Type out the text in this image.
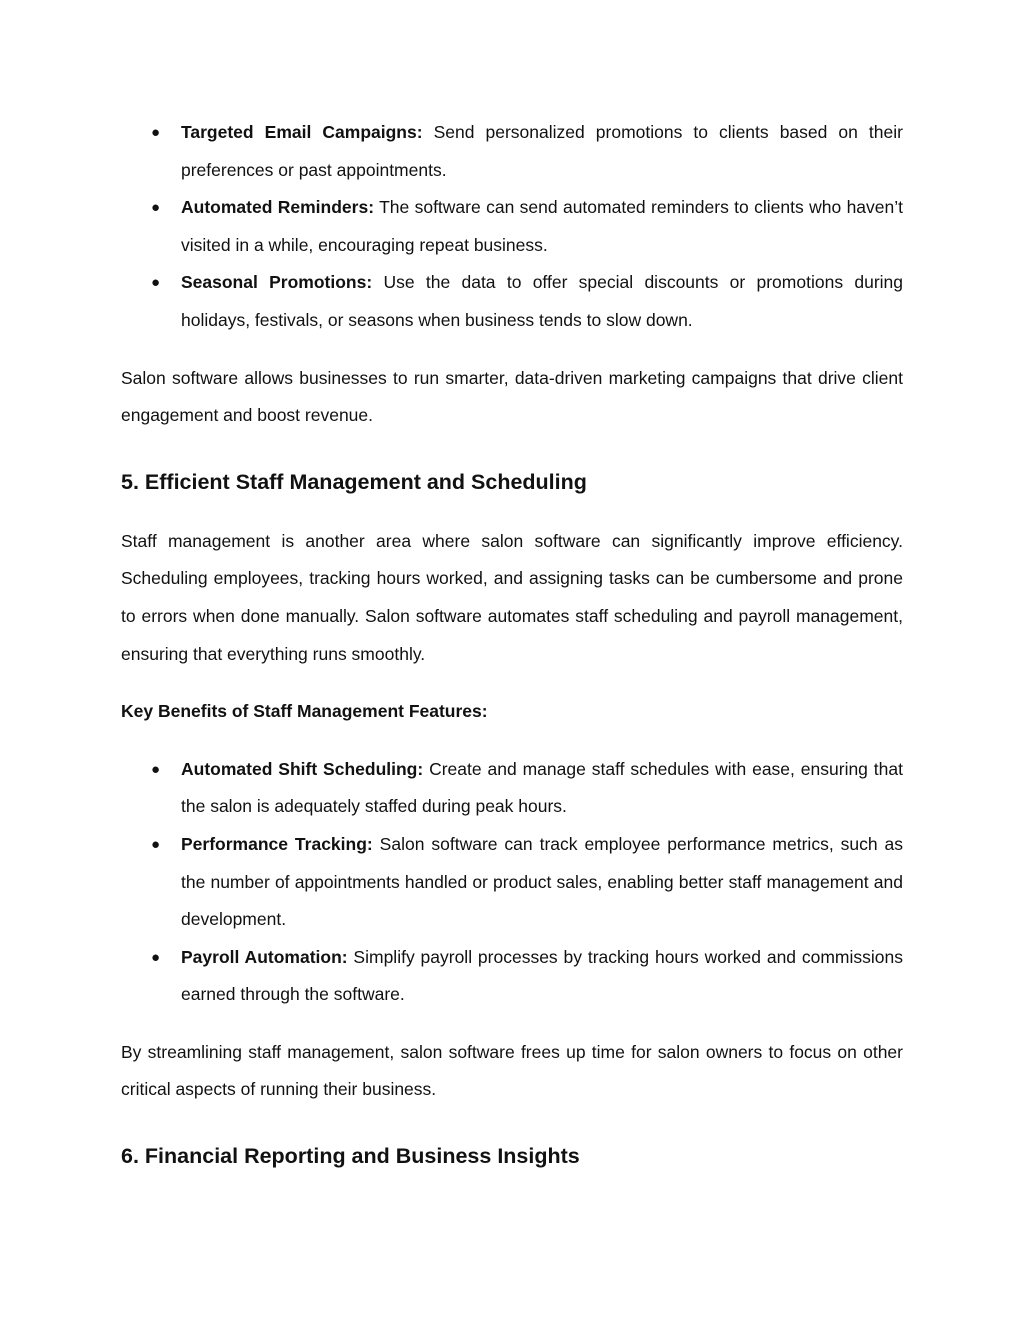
● Targeted Email Campaigns: Send personalized promotions to clients based on their preferences or past appointments.
● Automated Reminders: The software can send automated reminders to clients who haven’t visited in a while, encouraging repeat business.
● Seasonal Promotions: Use the data to offer special discounts or promotions during holidays, festivals, or seasons when business tends to slow down.

Salon software allows businesses to run smarter, data-driven marketing campaigns that drive client engagement and boost revenue.

5. Efficient Staff Management and Scheduling

Staff management is another area where salon software can significantly improve efficiency. Scheduling employees, tracking hours worked, and assigning tasks can be cumbersome and prone to errors when done manually. Salon software automates staff scheduling and payroll management, ensuring that everything runs smoothly.

Key Benefits of Staff Management Features:

● Automated Shift Scheduling: Create and manage staff schedules with ease, ensuring that the salon is adequately staffed during peak hours.
● Performance Tracking: Salon software can track employee performance metrics, such as the number of appointments handled or product sales, enabling better staff management and development.
● Payroll Automation: Simplify payroll processes by tracking hours worked and commissions earned through the software.

By streamlining staff management, salon software frees up time for salon owners to focus on other critical aspects of running their business.

6. Financial Reporting and Business Insights
